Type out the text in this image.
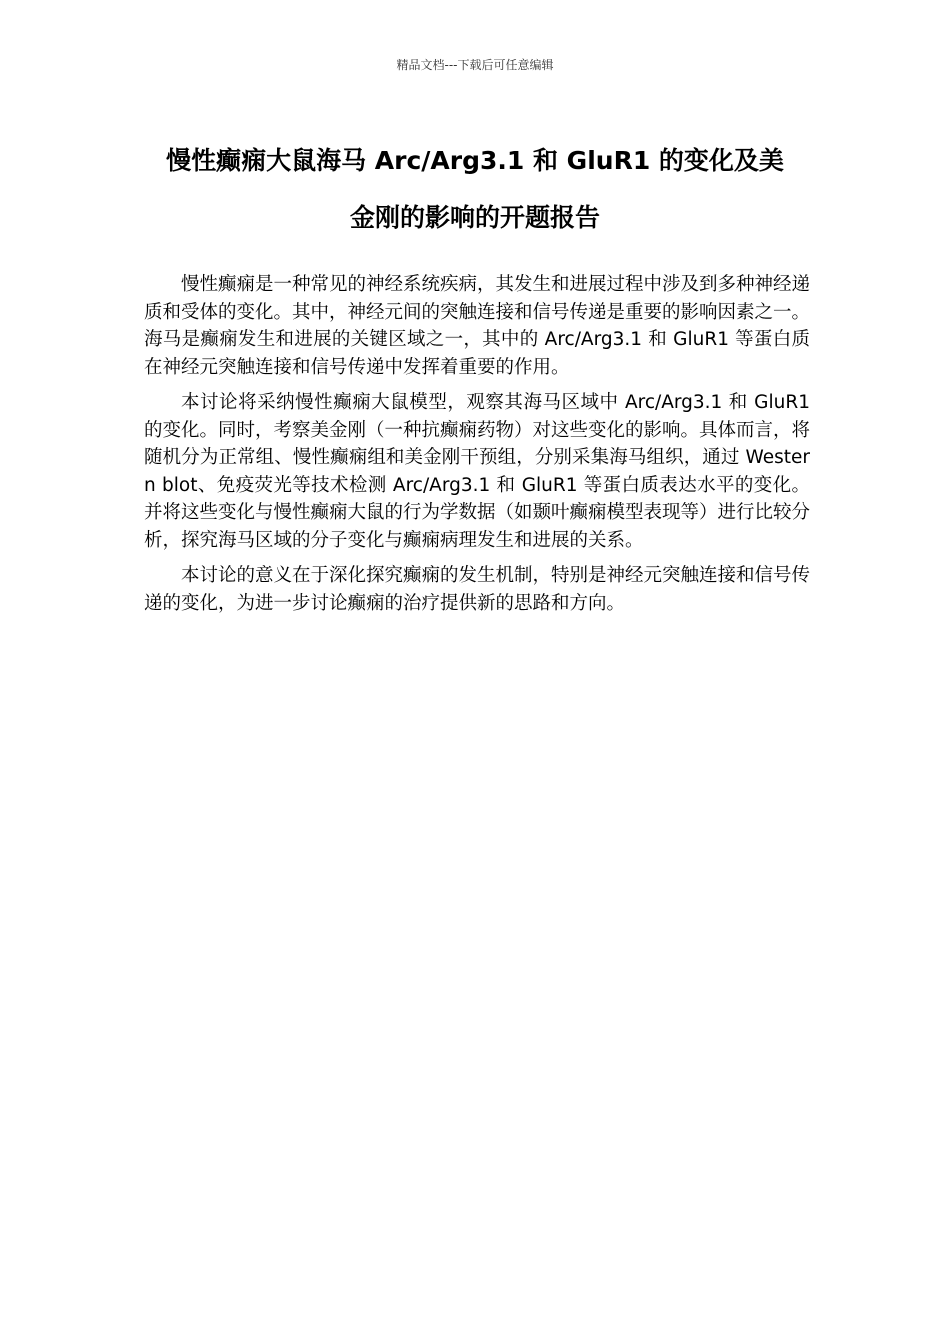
精品文档---下载后可任意编辑
慢性癫痫大鼠海马 Arc/Arg3.1 和 GluR1 的变化及美
金刚的影响的开题报告

慢性癫痫是一种常见的神经系统疾病，其发生和进展过程中涉及到多种神经递质和受体的变化。其中，神经元间的突触连接和信号传递是重要的影响因素之一。海马是癫痫发生和进展的关键区域之一，其中的 Arc/Arg3.1 和 GluR1 等蛋白质在神经元突触连接和信号传递中发挥着重要的作用。

本讨论将采纳慢性癫痫大鼠模型，观察其海马区域中 Arc/Arg3.1 和 GluR1 的变化。同时，考察美金刚（一种抗癫痫药物）对这些变化的影响。具体而言，将随机分为正常组、慢性癫痫组和美金刚干预组，分别采集海马组织，通过 Western blot、免疫荧光等技术检测 Arc/Arg3.1 和 GluR1 等蛋白质表达水平的变化。并将这些变化与慢性癫痫大鼠的行为学数据（如颞叶癫痫模型表现等）进行比较分析，探究海马区域的分子变化与癫痫病理发生和进展的关系。

本讨论的意义在于深化探究癫痫的发生机制，特别是神经元突触连接和信号传递的变化，为进一步讨论癫痫的治疗提供新的思路和方向。
